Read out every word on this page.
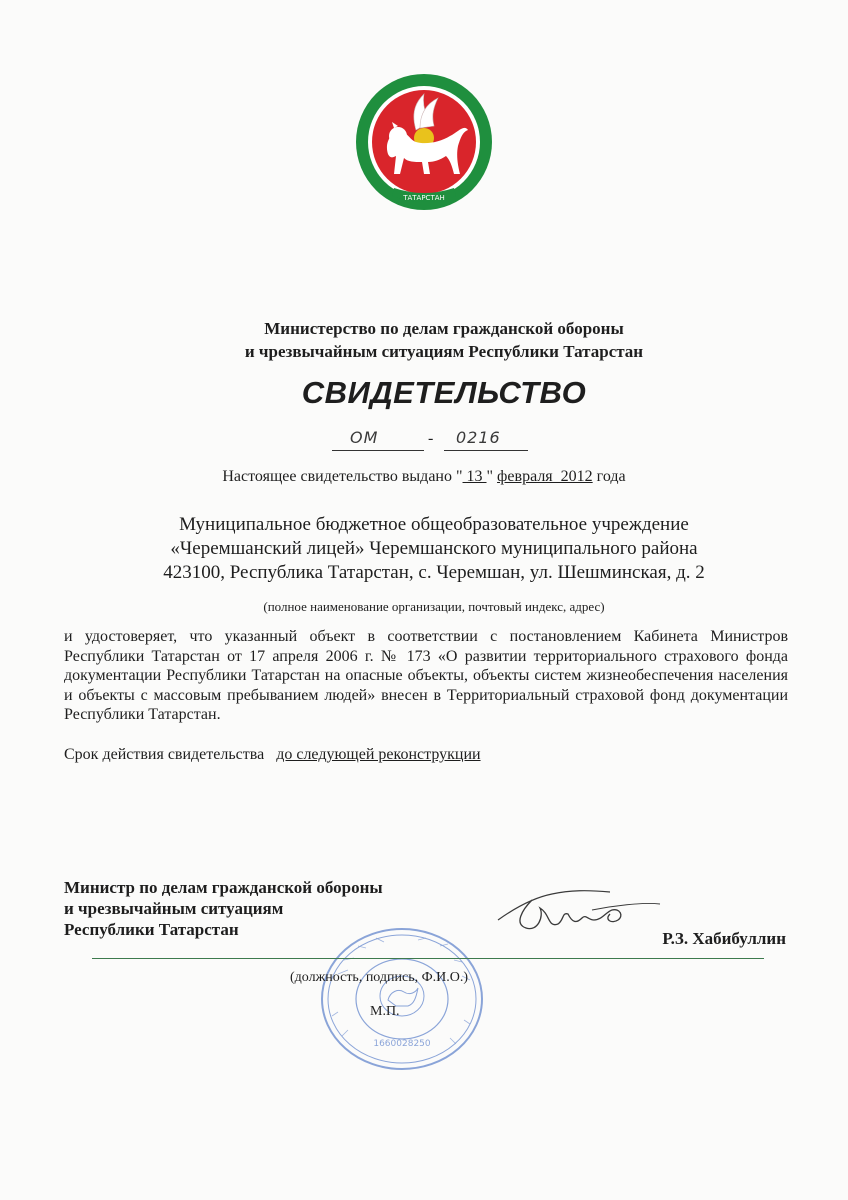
ТАТАРСТАН
Министерство по делам гражданской обороны
и чрезвычайным ситуациям Республики Татарстан
СВИДЕТЕЛЬСТВО
ОМ	- 0216
Настоящее свидетельство выдано " 13 " февраля  2012 года
Муниципальное бюджетное общеобразовательное учреждение
«Черемшанский лицей» Черемшанского муниципального района
423100, Республика Татарстан, с. Черемшан, ул. Шешминская, д. 2
(полное наименование организации, почтовый индекс, адрес)
и удостоверяет, что указанный объект в соответствии с постановлением Кабинета Министров Республики Татарстан от 17 апреля 2006 г. № 173 «О развитии территориального страхового фонда документации Республики Татарстан на опасные объекты, объекты систем жизнеобеспечения населения и объекты с массовым пребыванием людей» внесен в Территориальный страховой фонд документации Республики Татарстан.
Срок действия свидетельства до следующей реконструкции
Министр по делам гражданской обороны
и чрезвычайным ситуациям
Республики Татарстан
1660028250
Р.З. Хабибуллин
(должность, подпись, Ф.И.О.)
М.П.
